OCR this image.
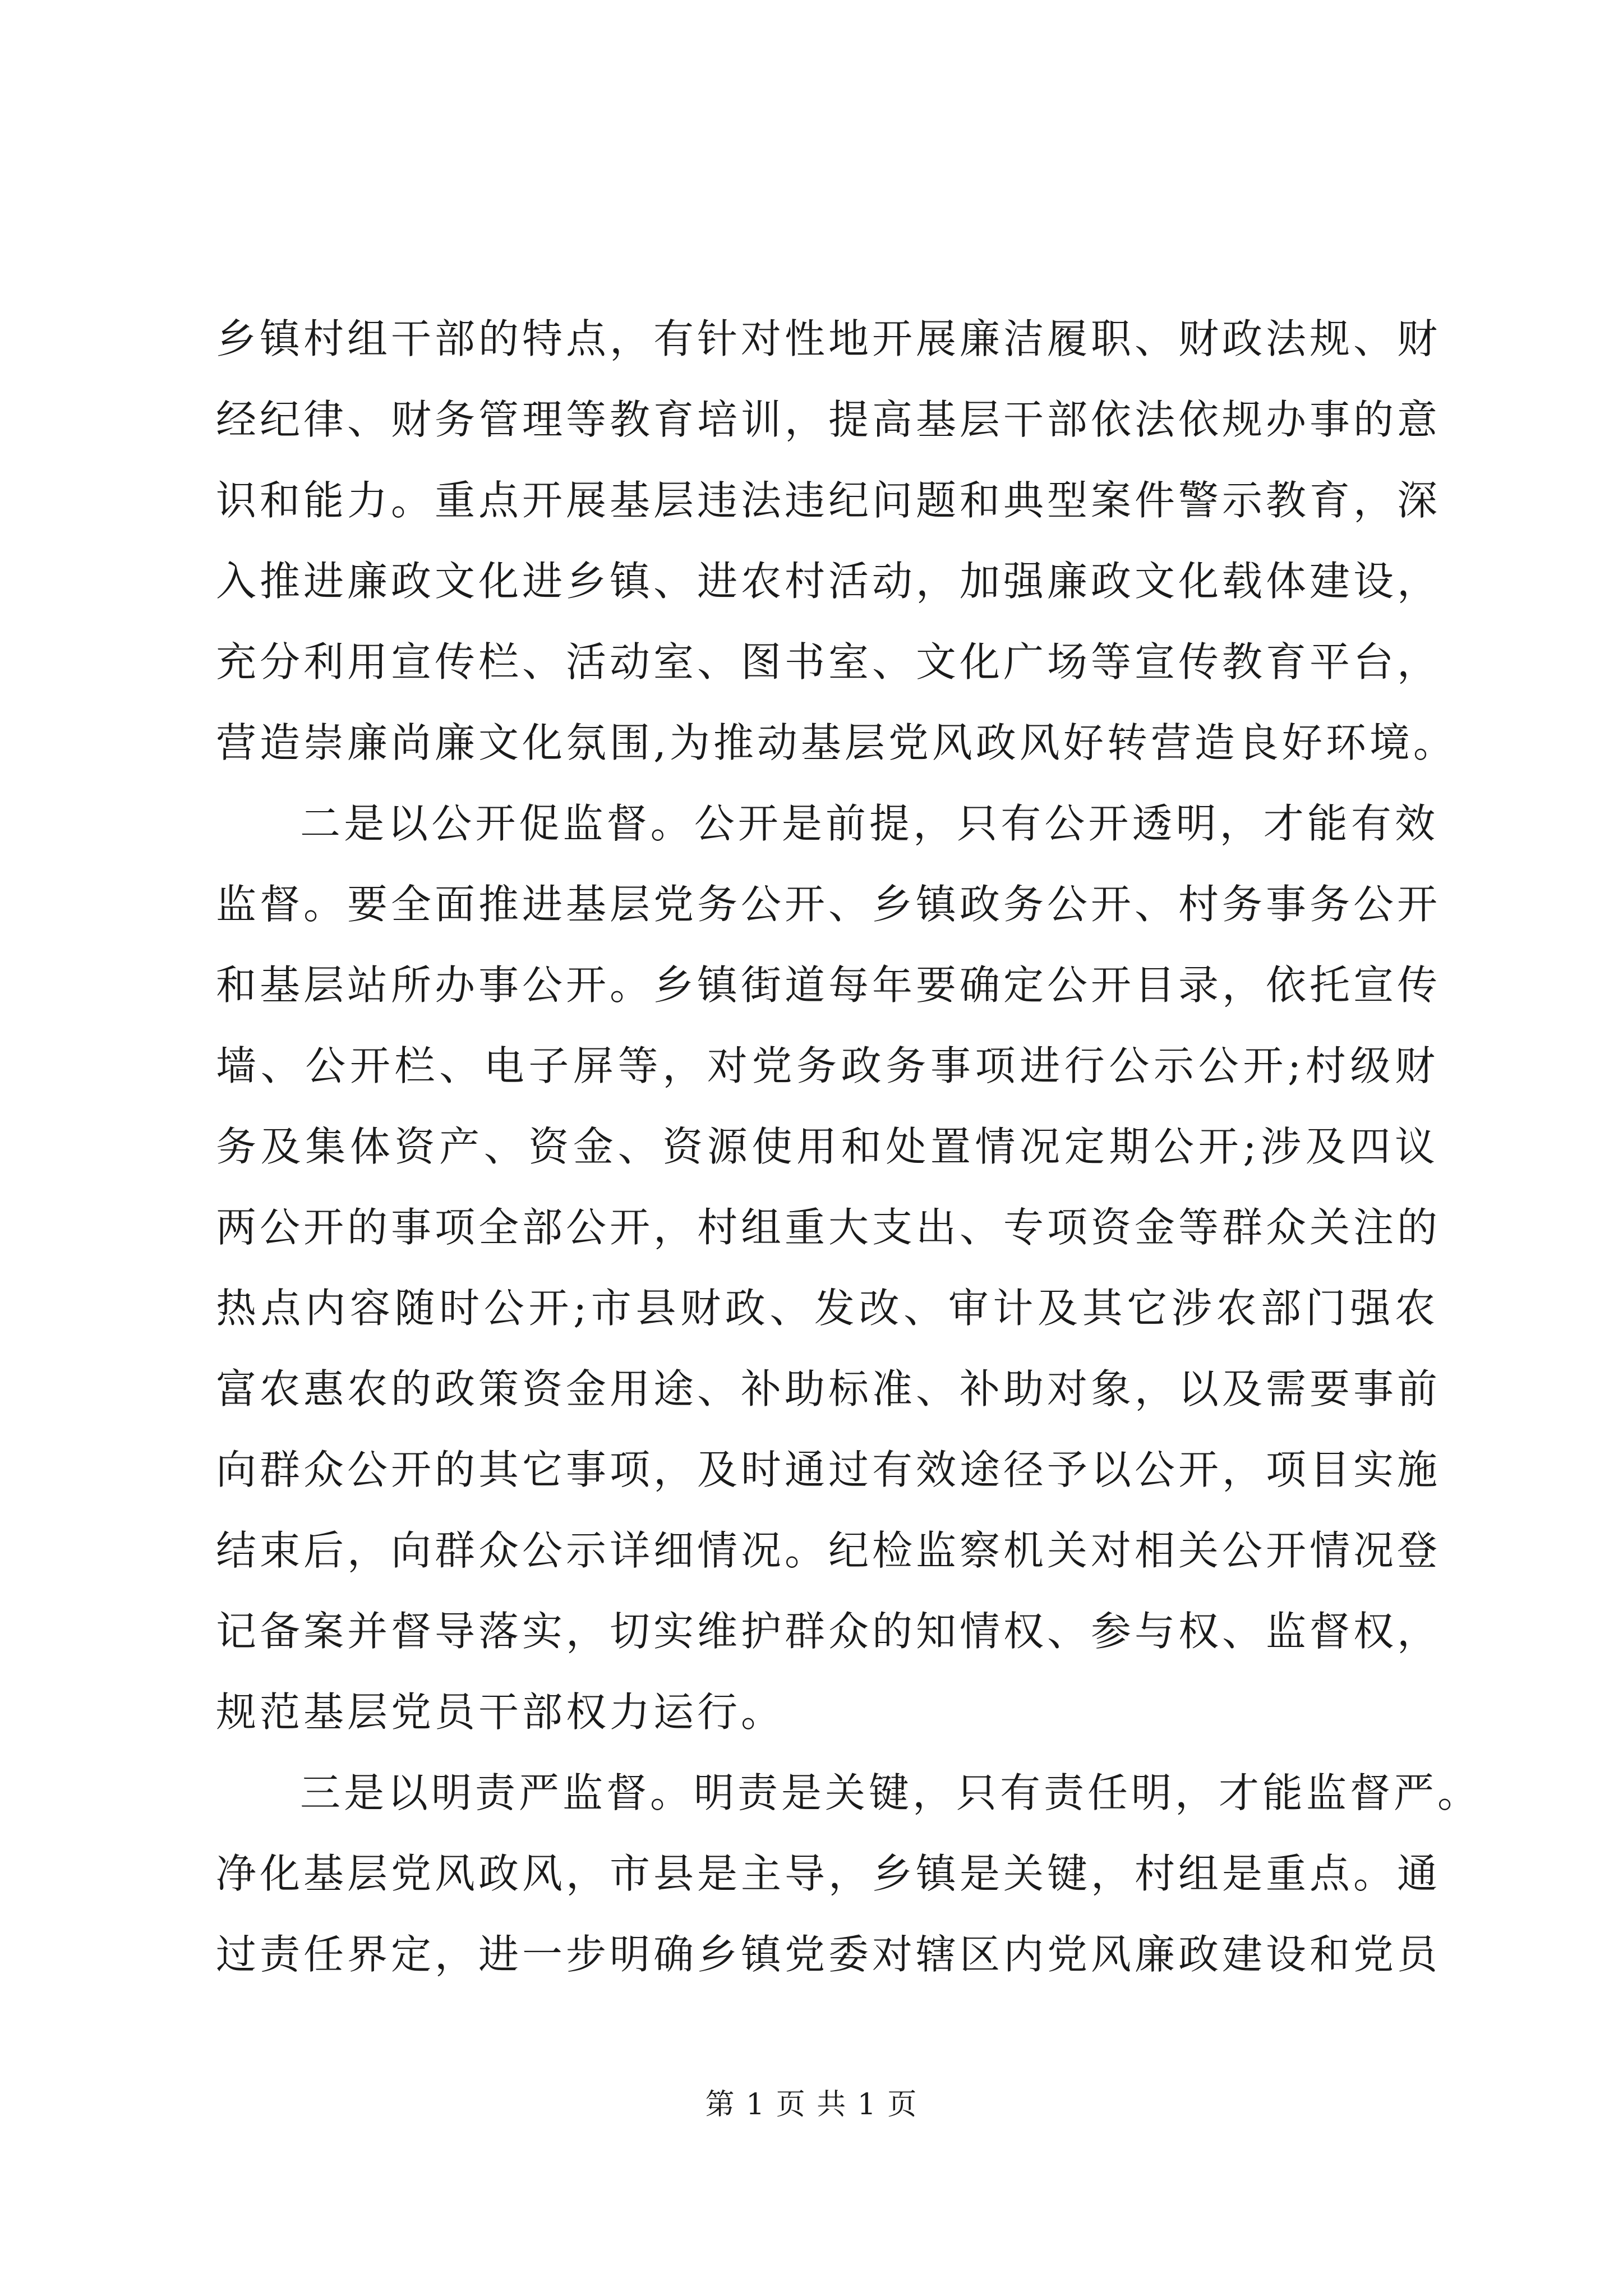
乡镇村组干部的特点，有针对性地开展廉洁履职、财政法规、财
经纪律、财务管理等教育培训，提高基层干部依法依规办事的意
识和能力。重点开展基层违法违纪问题和典型案件警示教育，深
入推进廉政文化进乡镇、进农村活动，加强廉政文化载体建设，
充分利用宣传栏、活动室、图书室、文化广场等宣传教育平台，
营造崇廉尚廉文化氛围,为推动基层党风政风好转营造良好环境。
二是以公开促监督。公开是前提，只有公开透明，才能有效
监督。要全面推进基层党务公开、乡镇政务公开、村务事务公开
和基层站所办事公开。乡镇街道每年要确定公开目录，依托宣传
墙、公开栏、电子屏等，对党务政务事项进行公示公开;村级财
务及集体资产、资金、资源使用和处置情况定期公开;涉及四议
两公开的事项全部公开，村组重大支出、专项资金等群众关注的
热点内容随时公开;市县财政、发改、审计及其它涉农部门强农
富农惠农的政策资金用途、补助标准、补助对象，以及需要事前
向群众公开的其它事项，及时通过有效途径予以公开，项目实施
结束后，向群众公示详细情况。纪检监察机关对相关公开情况登
记备案并督导落实，切实维护群众的知情权、参与权、监督权，
规范基层党员干部权力运行。
三是以明责严监督。明责是关键，只有责任明，才能监督严。
净化基层党风政风，市县是主导，乡镇是关键，村组是重点。通
过责任界定，进一步明确乡镇党委对辖区内党风廉政建设和党员
第 1 页 共 1 页
